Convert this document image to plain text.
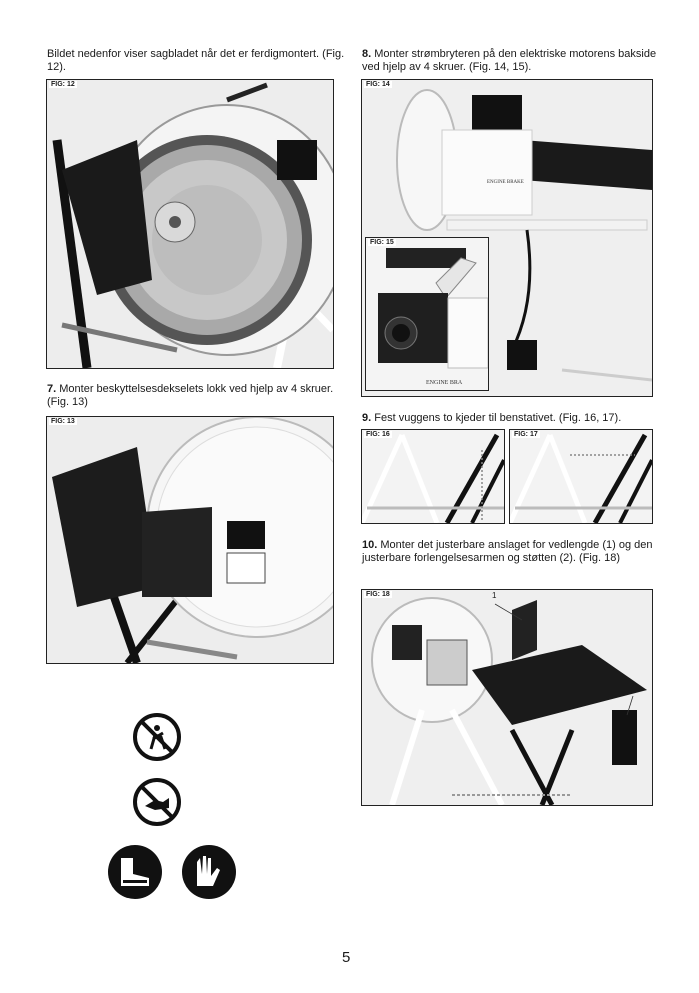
Bildet nedenfor viser sagbladet når det er ferdigmontert. (Fig. 12).
FIG: 12
7. Monter beskyttelsesdekselets lokk ved hjelp av 4 skruer. (Fig. 13)
FIG: 13
8. Monter strømbryteren på den elektriske motorens bakside ved hjelp av 4 skruer. (Fig. 14, 15).
FIG: 14
ENGINE BRAKE
FIG: 15
ENGINE BRA
9. Fest vuggens to kjeder til benstativet. (Fig. 16, 17).
FIG: 16	FIG: 17
10. Monter det justerbare anslaget for vedlengde (1) og den justerbare forlengelsesarmen og støtten (2). (Fig. 18)
FIG: 18	1
2
5
